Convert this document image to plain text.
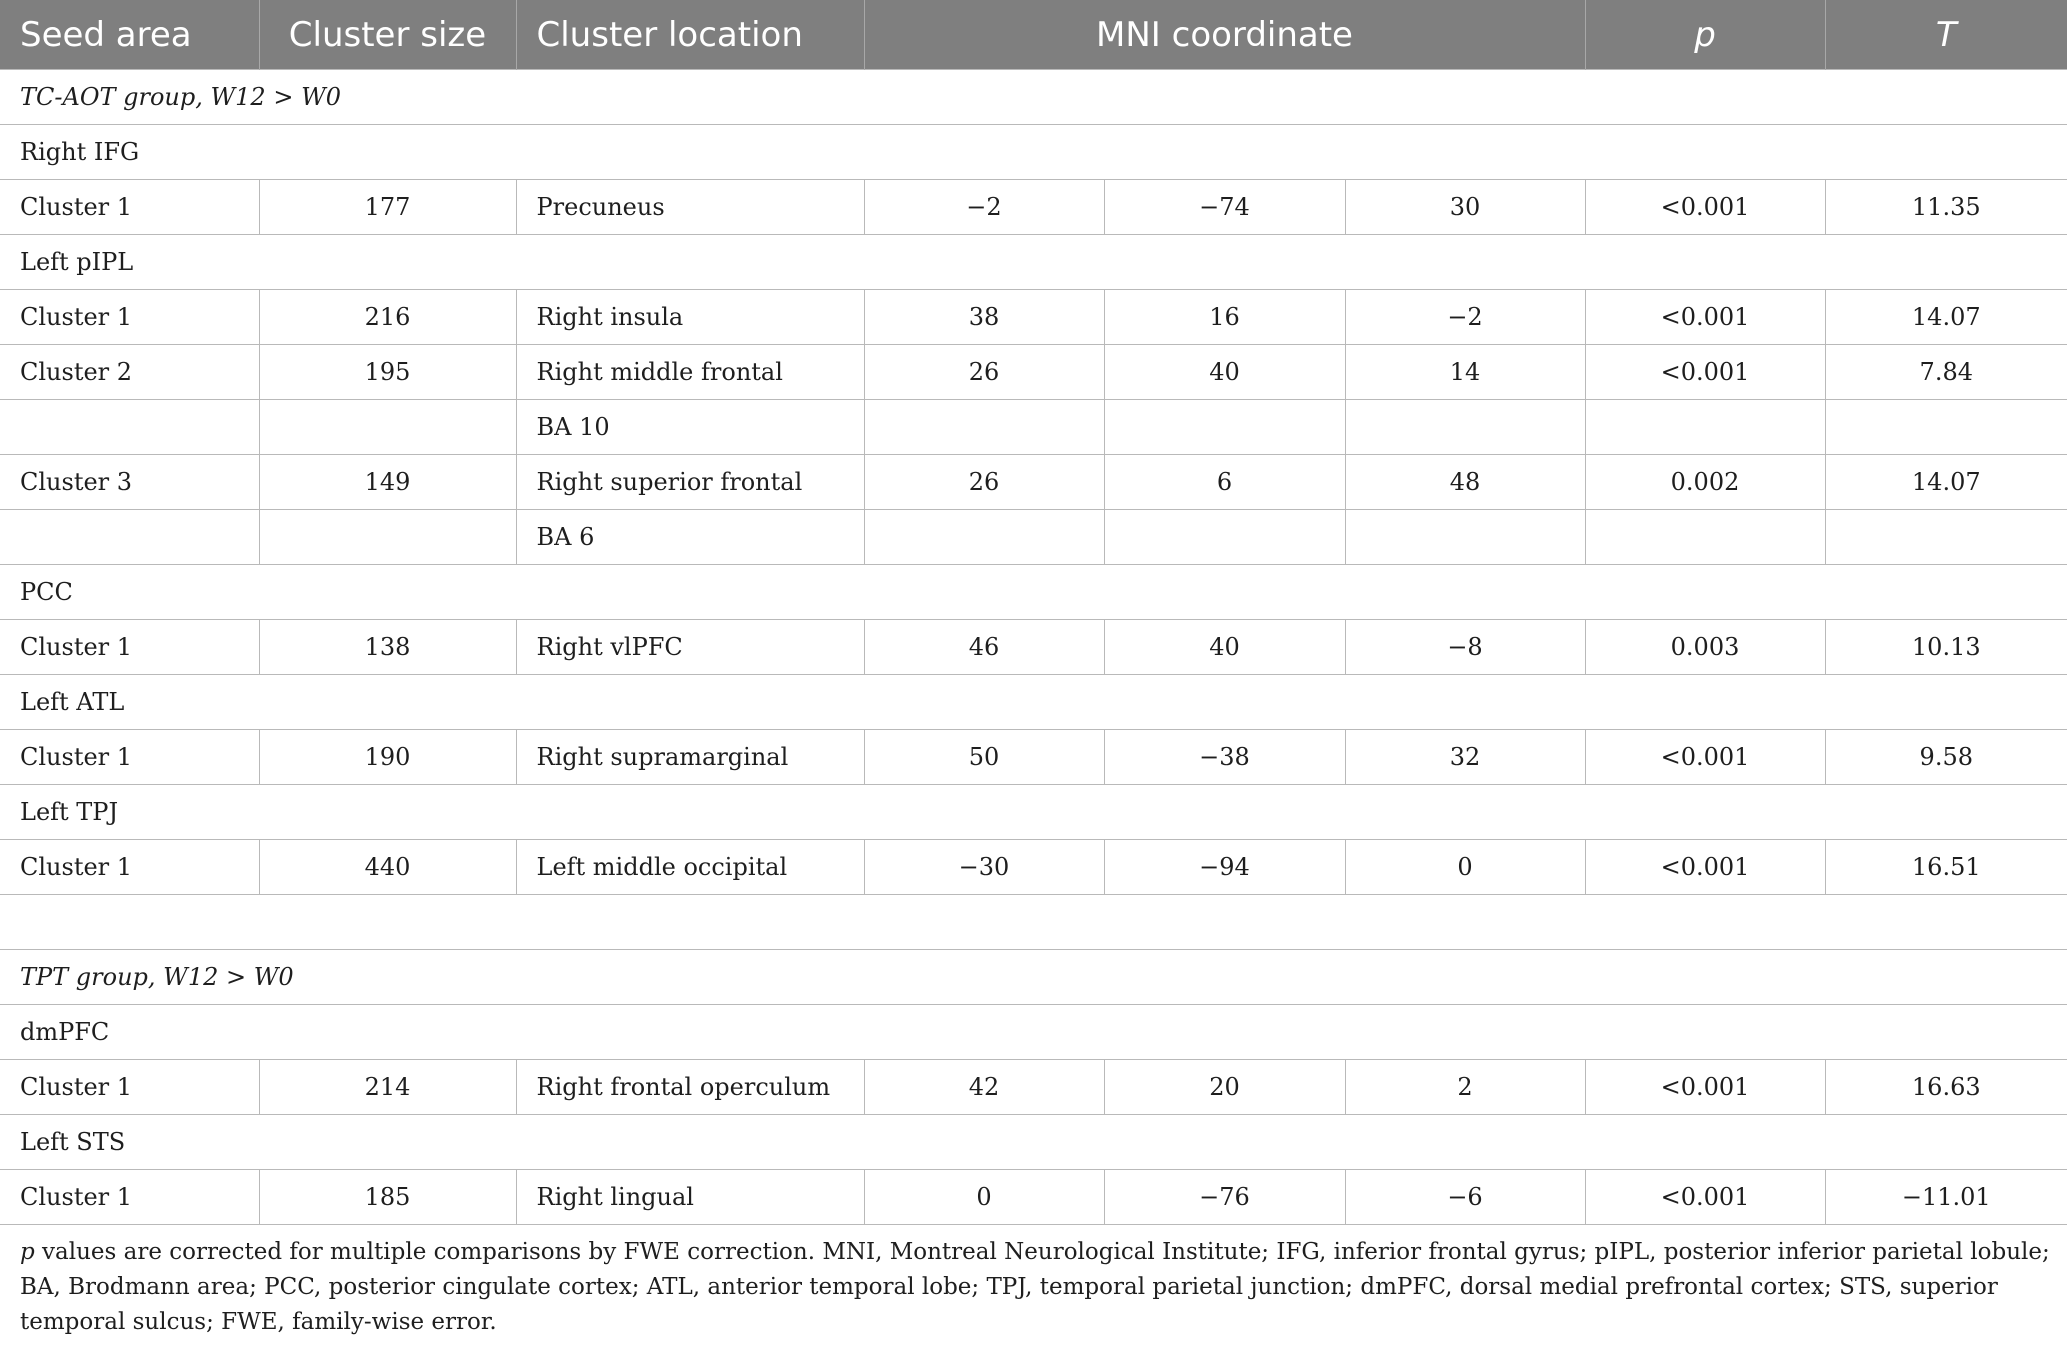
Seed area	Cluster size	Cluster location	MNI coordinate			p	T
TC-AOT group, W12 > W0							
Right IFG							
Cluster 1	177	Precuneus	−2	−74	30	<0.001	11.35
Left pIPL							
Cluster 1	216	Right insula	38	16	−2	<0.001	14.07
Cluster 2	195	Right middle frontal	26	40	14	<0.001	7.84
		BA 10					
Cluster 3	149	Right superior frontal	26	6	48	0.002	14.07
		BA 6					
PCC							
Cluster 1	138	Right vlPFC	46	40	−8	0.003	10.13
Left ATL							
Cluster 1	190	Right supramarginal	50	−38	32	<0.001	9.58
Left TPJ							
Cluster 1	440	Left middle occipital	−30	−94	0	<0.001	16.51

TPT group, W12 > W0							
dmPFC							
Cluster 1	214	Right frontal operculum	42	20	2	<0.001	16.63
Left STS							
Cluster 1	185	Right lingual	0	−76	−6	<0.001	−11.01
p values are corrected for multiple comparisons by FWE correction. MNI, Montreal Neurological Institute; IFG, inferior frontal gyrus; pIPL, posterior inferior parietal lobule; BA, Brodmann area; PCC, posterior cingulate cortex; ATL, anterior temporal lobe; TPJ, temporal parietal junction; dmPFC, dorsal medial prefrontal cortex; STS, superior temporal sulcus; FWE, family-wise error.
